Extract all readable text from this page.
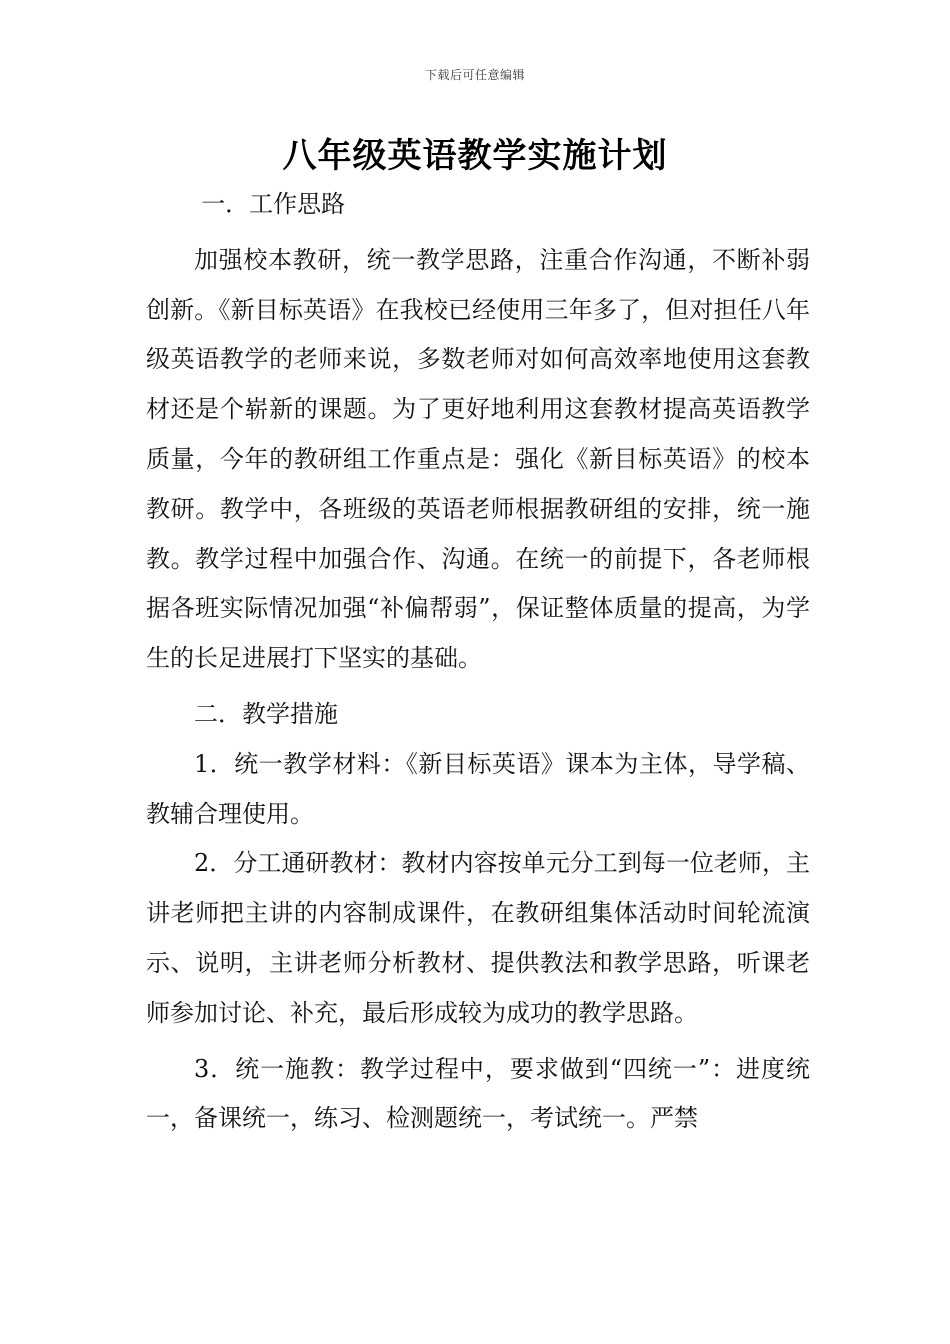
下载后可任意编辑
八年级英语教学实施计划

一．工作思路

加强校本教研，统一教学思路，注重合作沟通，不断补弱创新。《新目标英语》在我校已经使用三年多了，但对担任八年级英语教学的老师来说，多数老师对如何高效率地使用这套教材还是个崭新的课题。为了更好地利用这套教材提高英语教学质量，今年的教研组工作重点是：强化《新目标英语》的校本教研。教学中，各班级的英语老师根据教研组的安排，统一施教。教学过程中加强合作、沟通。在统一的前提下，各老师根据各班实际情况加强“补偏帮弱”，保证整体质量的提高，为学生的长足进展打下坚实的基础。

二．教学措施

1．统一教学材料：《新目标英语》课本为主体，导学稿、教辅合理使用。

2．分工通研教材：教材内容按单元分工到每一位老师，主讲老师把主讲的内容制成课件，在教研组集体活动时间轮流演示、说明，主讲老师分析教材、提供教法和教学思路，听课老师参加讨论、补充，最后形成较为成功的教学思路。

3．统一施教：教学过程中，要求做到“四统一”：进度统一，备课统一，练习、检测题统一，考试统一。严禁
